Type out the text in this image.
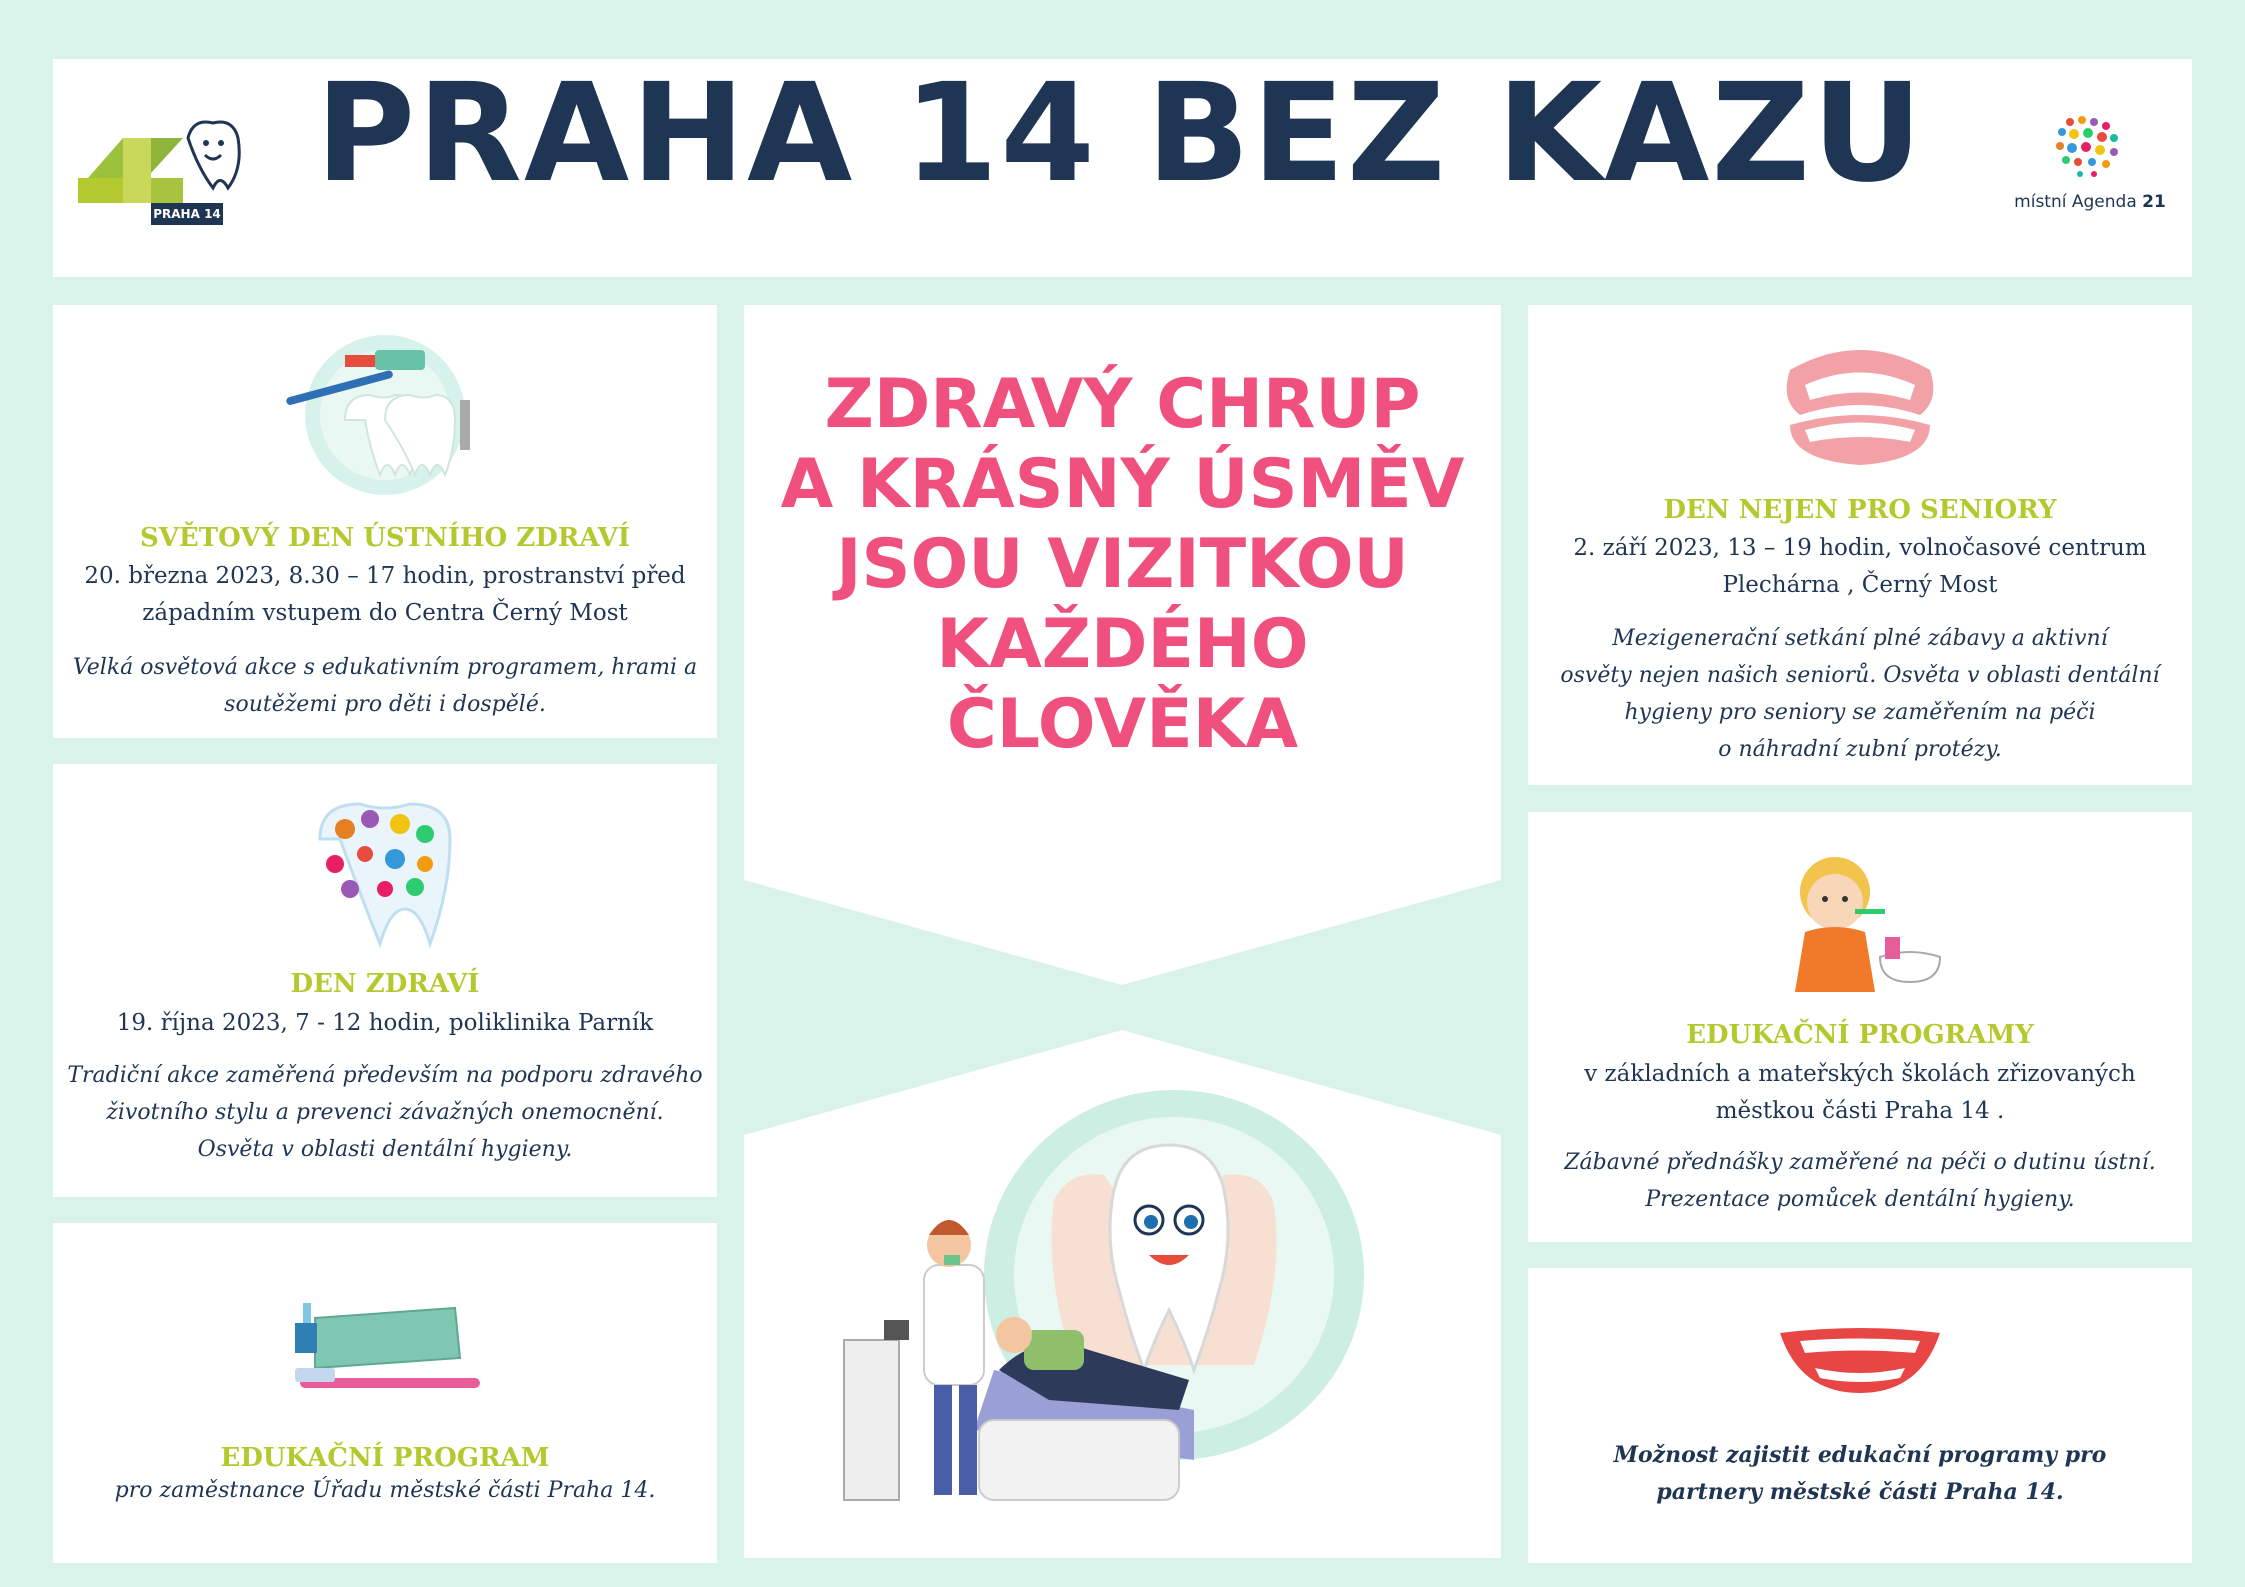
PRAHA 14
PRAHA 14 BEZ KAZU	místní Agenda 21
ZDRAVÝ CHRUP
A KRÁSNÝ ÚSMĚV
JSOU VIZITKOU
KAŽDÉHO
ČLOVĚKA
SVĚTOVÝ DEN ÚSTNÍHO ZDRAVÍ
20. března 2023, 8.30 – 17 hodin, prostranství před
západním vstupem do Centra Černý Most
Velká osvětová akce s edukativním programem, hrami a
soutěžemi pro děti i dospělé.
DEN ZDRAVÍ
19. října 2023, 7 - 12 hodin, poliklinika Parník
Tradiční akce zaměřená především na podporu zdravého
životního stylu a prevenci závažných onemocnění.
Osvěta v oblasti dentální hygieny.
EDUKAČNÍ PROGRAM
pro zaměstnance Úřadu městské části Praha 14.
DEN NEJEN PRO SENIORY
2. září 2023, 13 – 19 hodin, volnočasové centrum
Plechárna , Černý Most
Mezigenerační setkání plné zábavy a aktivní
osvěty nejen našich seniorů. Osvěta v oblasti dentální
hygieny pro seniory se zaměřením na péči
o náhradní zubní protézy.
EDUKAČNÍ PROGRAMY
v základních a mateřských školách zřizovaných
městkou části Praha 14 .
Zábavné přednášky zaměřené na péči o dutinu ústní.
Prezentace pomůcek dentální hygieny.
Možnost zajistit edukační programy pro
partnery městské části Praha 14.
